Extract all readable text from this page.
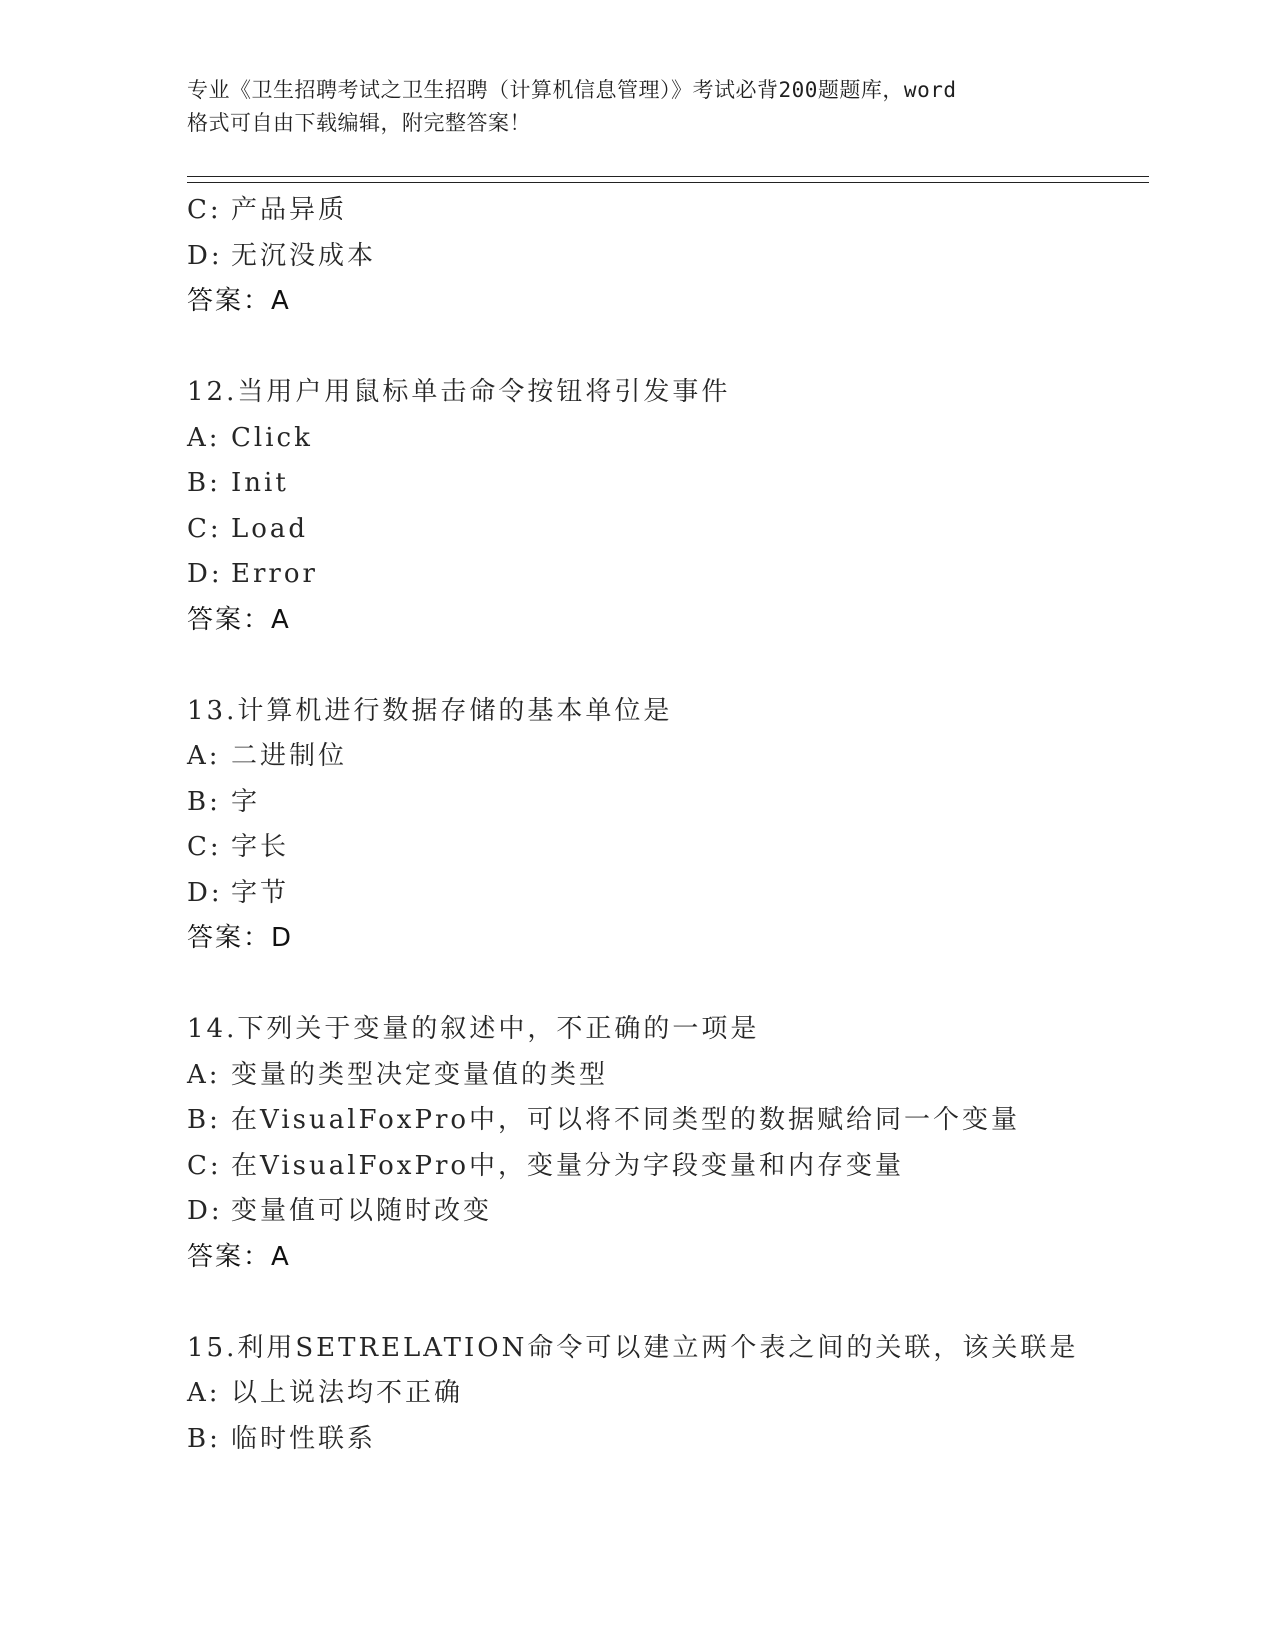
专业《卫生招聘考试之卫生招聘（计算机信息管理）》考试必背200题题库，word
格式可自由下载编辑，附完整答案！
C: 产品异质
D: 无沉没成本
答案：A
12.当用户用鼠标单击命令按钮将引发事件
A: Click
B: Init
C: Load
D: Error
答案：A
13.计算机进行数据存储的基本单位是
A: 二进制位
B: 字
C: 字长
D: 字节
答案：D
14.下列关于变量的叙述中，不正确的一项是
A: 变量的类型决定变量值的类型
B: 在VisualFoxPro中，可以将不同类型的数据赋给同一个变量
C: 在VisualFoxPro中，变量分为字段变量和内存变量
D: 变量值可以随时改变
答案：A
15.利用SETRELATION命令可以建立两个表之间的关联，该关联是
A: 以上说法均不正确
B: 临时性联系
